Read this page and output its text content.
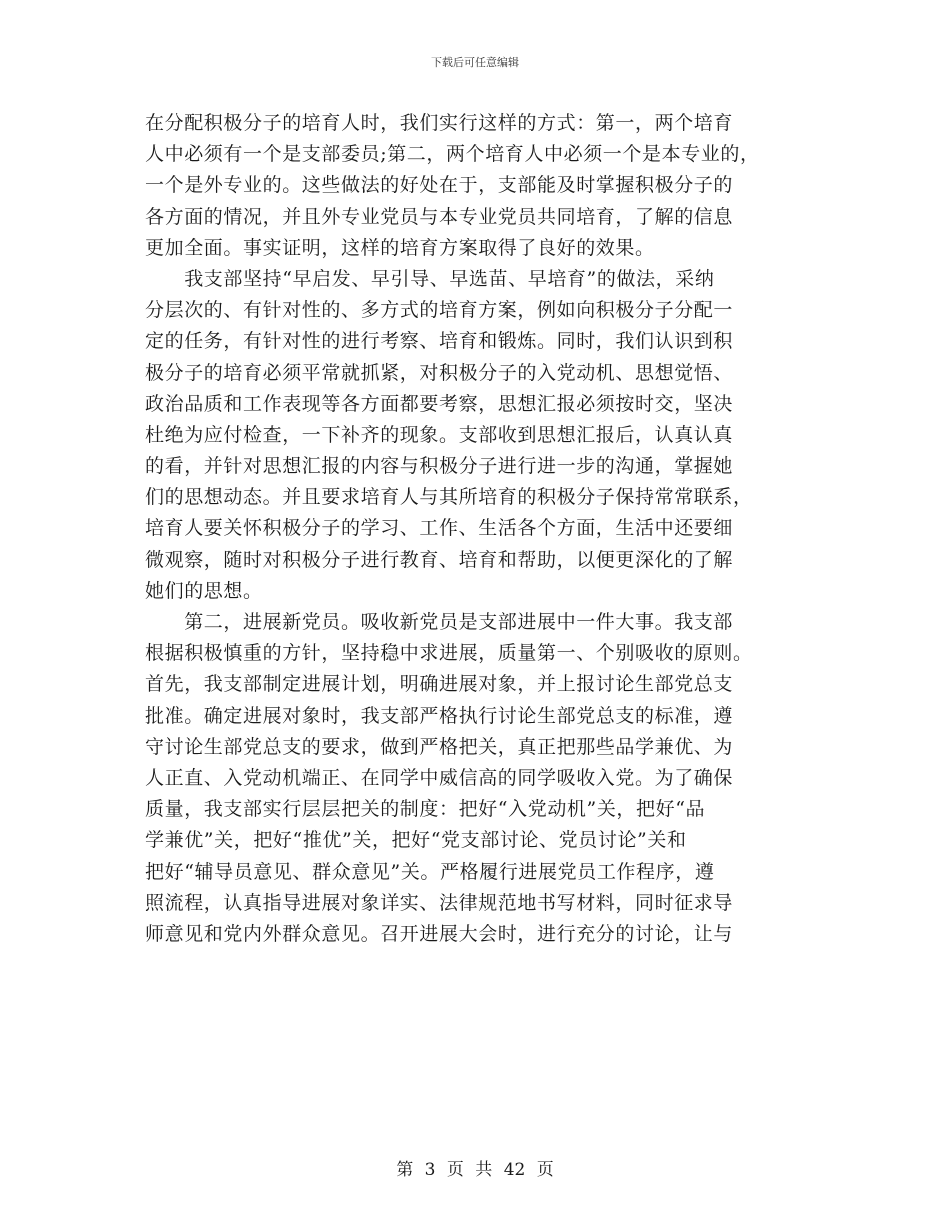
下载后可任意编辑
在分配积极分子的培育人时，我们实行这样的方式：第一，两个培育
人中必须有一个是支部委员;第二，两个培育人中必须一个是本专业的，
一个是外专业的。这些做法的好处在于，支部能及时掌握积极分子的
各方面的情况，并且外专业党员与本专业党员共同培育，了解的信息
更加全面。事实证明，这样的培育方案取得了良好的效果。
　　我支部坚持“早启发、早引导、早选苗、早培育”的做法，采纳
分层次的、有针对性的、多方式的培育方案，例如向积极分子分配一
定的任务，有针对性的进行考察、培育和锻炼。同时，我们认识到积
极分子的培育必须平常就抓紧，对积极分子的入党动机、思想觉悟、
政治品质和工作表现等各方面都要考察，思想汇报必须按时交，坚决
杜绝为应付检查，一下补齐的现象。支部收到思想汇报后，认真认真
的看，并针对思想汇报的内容与积极分子进行进一步的沟通，掌握她
们的思想动态。并且要求培育人与其所培育的积极分子保持常常联系，
培育人要关怀积极分子的学习、工作、生活各个方面，生活中还要细
微观察，随时对积极分子进行教育、培育和帮助，以便更深化的了解
她们的思想。
　　第二，进展新党员。吸收新党员是支部进展中一件大事。我支部
根据积极慎重的方针，坚持稳中求进展，质量第一、个别吸收的原则。
首先，我支部制定进展计划，明确进展对象，并上报讨论生部党总支
批准。确定进展对象时，我支部严格执行讨论生部党总支的标准，遵
守讨论生部党总支的要求，做到严格把关，真正把那些品学兼优、为
人正直、入党动机端正、在同学中威信高的同学吸收入党。为了确保
质量，我支部实行层层把关的制度：把好“入党动机”关，把好“品
学兼优”关，把好“推优”关，把好“党支部讨论、党员讨论”关和
把好“辅导员意见、群众意见”关。严格履行进展党员工作程序，遵
照流程，认真指导进展对象详实、法律规范地书写材料，同时征求导
师意见和党内外群众意见。召开进展大会时，进行充分的讨论，让与
第 3 页 共 42 页
